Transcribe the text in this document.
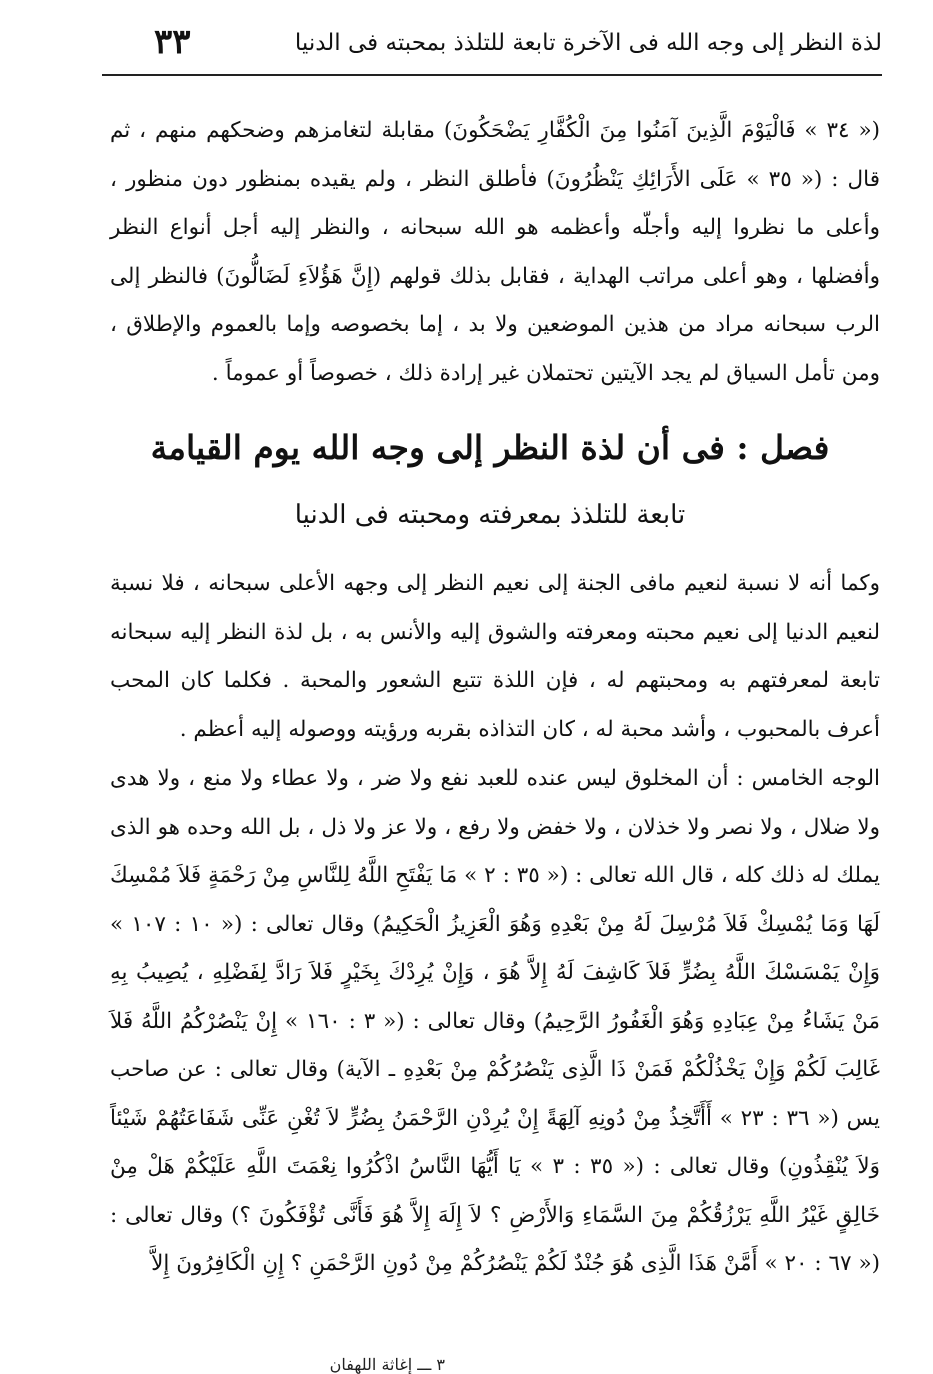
لذة النظر إلى وجه الله فى الآخرة تابعة للتلذذ بمحبته فى الدنيا
٣٣

(« ٣٤ » فَالْيَوْمَ الَّذِينَ آمَنُوا مِنَ الْكُفَّارِ يَضْحَكُونَ) مقابلة لتغامزهم وضحكهم منهم ، ثم قال : (« ٣٥ » عَلَى الأَرَائِكِ يَنْظُرُونَ) فأطلق النظر ، ولم يقيده بمنظور دون منظور ، وأعلى ما نظروا إليه وأجلّه وأعظمه هو الله سبحانه ، والنظر إليه أجل أنواع النظر وأفضلها ، وهو أعلى مراتب الهداية ، فقابل بذلك قولهم (إِنَّ هَؤُلاَءِ لَضَالُّونَ) فالنظر إلى الرب سبحانه مراد من هذين الموضعين ولا بد ، إما بخصوصه وإما بالعموم والإطلاق ، ومن تأمل السياق لم يجد الآيتين تحتملان غير إرادة ذلك ، خصوصاً أو عموماً .

فصل : فى أن لذة النظر إلى وجه الله يوم القيامة
تابعة للتلذذ بمعرفته ومحبته فى الدنيا

وكما أنه لا نسبة لنعيم مافى الجنة إلى نعيم النظر إلى وجهه الأعلى سبحانه ، فلا نسبة لنعيم الدنيا إلى نعيم محبته ومعرفته والشوق إليه والأنس به ، بل لذة النظر إليه سبحانه تابعة لمعرفتهم به ومحبتهم له ، فإن اللذة تتبع الشعور والمحبة . فكلما كان المحب أعرف بالمحبوب ، وأشد محبة له ، كان التذاذه بقربه ورؤيته ووصوله إليه أعظم .

الوجه الخامس : أن المخلوق ليس عنده للعبد نفع ولا ضر ، ولا عطاء ولا منع ، ولا هدى ولا ضلال ، ولا نصر ولا خذلان ، ولا خفض ولا رفع ، ولا عز ولا ذل ، بل الله وحده هو الذى يملك له ذلك كله ، قال الله تعالى : (« ٣٥ : ٢ » مَا يَفْتَحِ اللَّهُ لِلنَّاسِ مِنْ رَحْمَةٍ فَلاَ مُمْسِكَ لَهَا وَمَا يُمْسِكْ فَلاَ مُرْسِلَ لَهُ مِنْ بَعْدِهِ وَهُوَ الْعَزِيزُ الْحَكِيمُ) وقال تعالى : (« ١٠ : ١٠٧ » وَإِنْ يَمْسَسْكَ اللَّهُ بِضُرٍّ فَلاَ كَاشِفَ لَهُ إِلاَّ هُوَ ، وَإِنْ يُرِدْكَ بِخَيْرٍ فَلاَ رَادَّ لِفَضْلِهِ ، يُصِيبُ بِهِ مَنْ يَشَاءُ مِنْ عِبَادِهِ وَهُوَ الْغَفُورُ الرَّحِيمُ) وقال تعالى : (« ٣ : ١٦٠ » إِنْ يَنْصُرْكُمُ اللَّهُ فَلاَ غَالِبَ لَكُمْ وَإِنْ يَخْذُلْكُمْ فَمَنْ ذَا الَّذِى يَنْصُرُكُمْ مِنْ بَعْدِهِ ـ الآية) وقال تعالى : عن صاحب يس (« ٣٦ : ٢٣ » أَأَتَّخِذُ مِنْ دُونِهِ آلِهَةً إِنْ يُرِدْنِ الرَّحْمَنُ بِضُرٍّ لاَ تُغْنِ عَنِّى شَفَاعَتُهُمْ شَيْئاً وَلاَ يُنْقِذُونِ) وقال تعالى : (« ٣٥ : ٣ » يَا أَيُّهَا النَّاسُ اذْكُرُوا نِعْمَتَ اللَّهِ عَلَيْكُمْ هَلْ مِنْ خَالِقٍ غَيْرُ اللَّهِ يَرْزُقُكُمْ مِنَ السَّمَاءِ وَالأَرْضِ ؟ لاَ إِلَهَ إِلاَّ هُوَ فَأَنَّى تُؤْفَكُونَ ؟) وقال تعالى : (« ٦٧ : ٢٠ » أَمَّنْ هَذَا الَّذِى هُوَ جُنْدٌ لَكُمْ يَنْصُرُكُمْ مِنْ دُونِ الرَّحْمَنِ ؟ إِنِ الْكَافِرُونَ إِلاَّ

٣ ـــ إغاثة اللهفان
